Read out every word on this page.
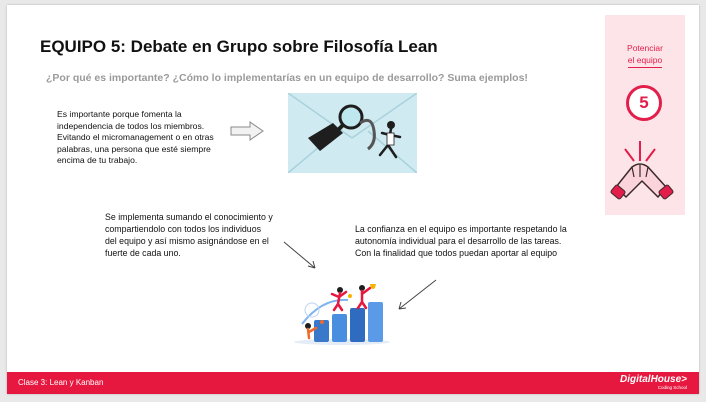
EQUIPO 5: Debate en Grupo sobre Filosofía Lean
¿Por qué es importante? ¿Cómo lo implementarías en un equipo de desarrollo? Suma ejemplos!
Es importante porque fomenta la independencia de todos los miembros. Evitando el micromanagement o en otras palabras, una persona que esté siempre encima de tu trabajo.
Se implementa sumando el conocimiento y compartiendolo con todos los individuos del equipo y así mismo asignándose en el fuerte de cada uno.
La confianza en el equipo es importante respetando la autonomía individual para el desarrollo de las tareas. Con la finalidad que todos puedan aportar al equipo
Potenciar
el equipo
5
Clase 3: Lean y Kanban	DigitalHouse>
Coding School
